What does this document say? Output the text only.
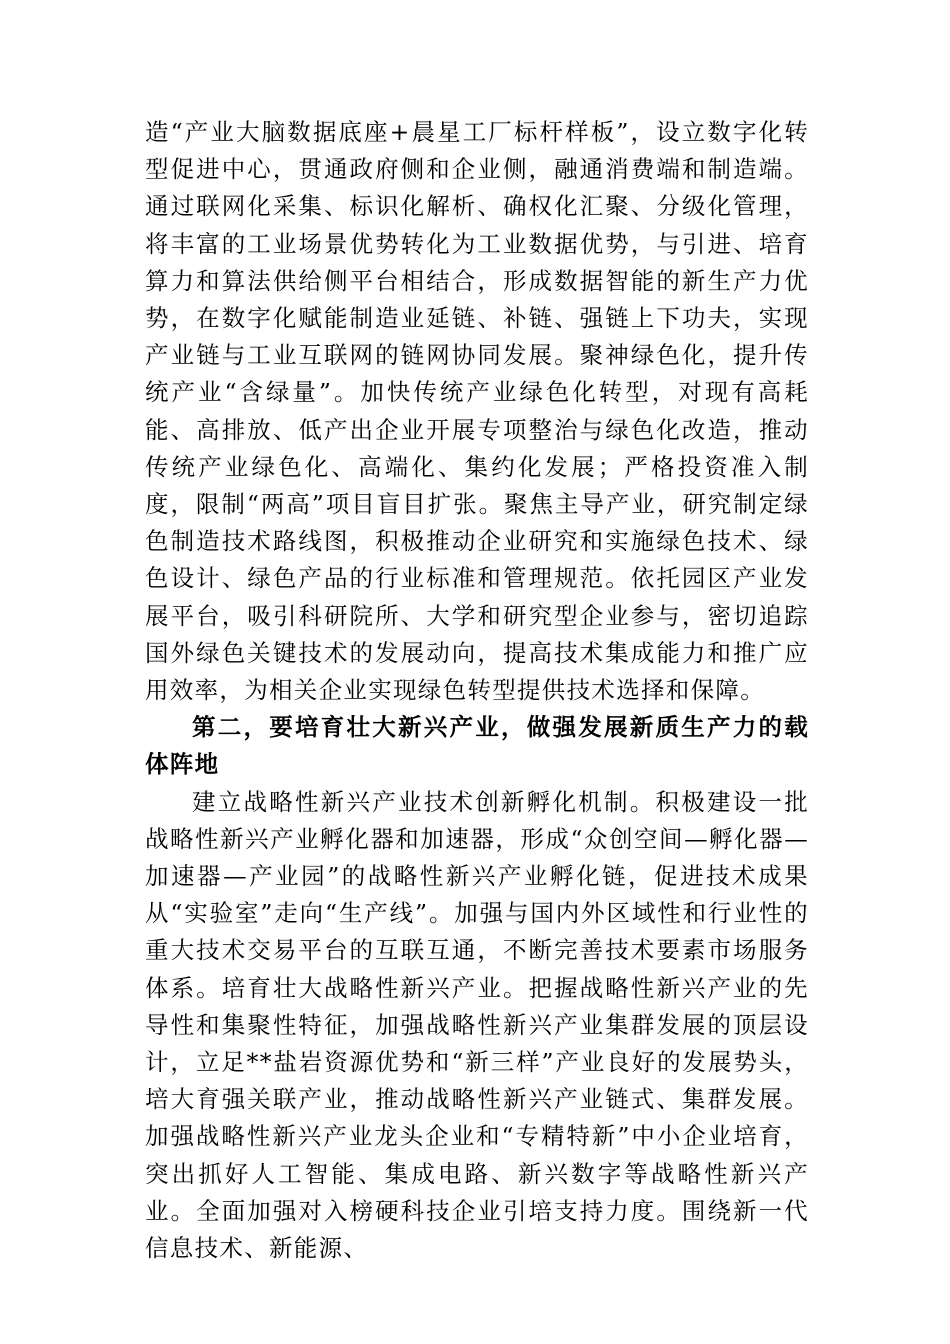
造“产业大脑数据底座+晨星工厂标杆样板”，设立数字化转型促进中心，贯通政府侧和企业侧，融通消费端和制造端。通过联网化采集、标识化解析、确权化汇聚、分级化管理，将丰富的工业场景优势转化为工业数据优势，与引进、培育算力和算法供给侧平台相结合，形成数据智能的新生产力优势，在数字化赋能制造业延链、补链、强链上下功夫，实现产业链与工业互联网的链网协同发展。聚神绿色化，提升传统产业“含绿量”。加快传统产业绿色化转型，对现有高耗能、高排放、低产出企业开展专项整治与绿色化改造，推动传统产业绿色化、高端化、集约化发展；严格投资准入制度，限制“两高”项目盲目扩张。聚焦主导产业，研究制定绿色制造技术路线图，积极推动企业研究和实施绿色技术、绿色设计、绿色产品的行业标准和管理规范。依托园区产业发展平台，吸引科研院所、大学和研究型企业参与，密切追踪国外绿色关键技术的发展动向，提高技术集成能力和推广应用效率，为相关企业实现绿色转型提供技术选择和保障。

第二，要培育壮大新兴产业，做强发展新质生产力的载体阵地

建立战略性新兴产业技术创新孵化机制。积极建设一批战略性新兴产业孵化器和加速器，形成“众创空间—孵化器—加速器—产业园”的战略性新兴产业孵化链，促进技术成果从“实验室”走向“生产线”。加强与国内外区域性和行业性的重大技术交易平台的互联互通，不断完善技术要素市场服务体系。培育壮大战略性新兴产业。把握战略性新兴产业的先导性和集聚性特征，加强战略性新兴产业集群发展的顶层设计，立足**盐岩资源优势和“新三样”产业良好的发展势头，培大育强关联产业，推动战略性新兴产业链式、集群发展。加强战略性新兴产业龙头企业和“专精特新”中小企业培育，突出抓好人工智能、集成电路、新兴数字等战略性新兴产业。全面加强对入榜硬科技企业引培支持力度。围绕新一代信息技术、新能源、
